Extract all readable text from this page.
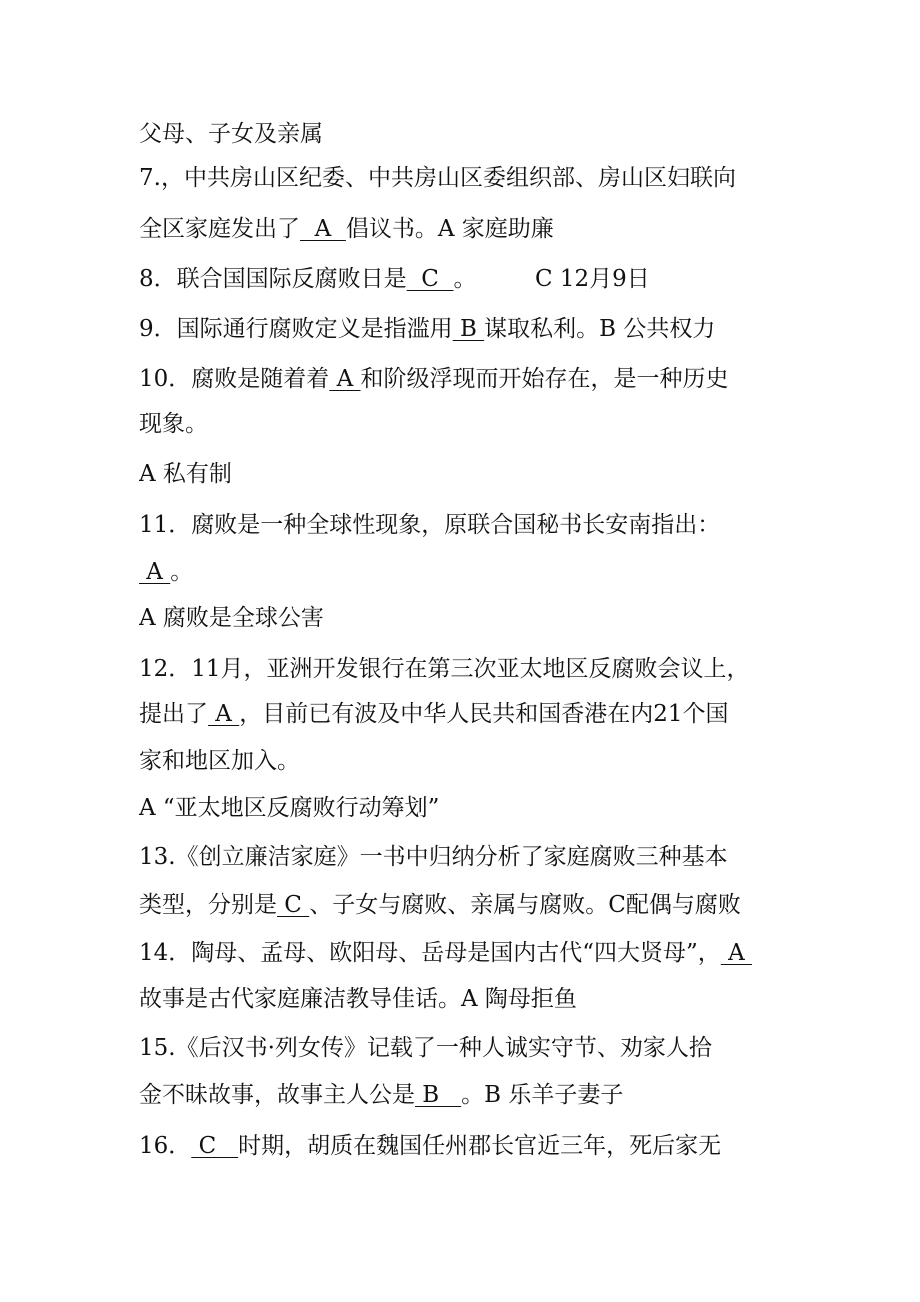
父母、子女及亲属
7.，中共房山区纪委、中共房山区委组织部、房山区妇联向
全区家庭发出了  A  倡议书。A 家庭助廉
8．联合国国际反腐败日是  C  。        C 12月9日
9．国际通行腐败定义是指滥用 B 谋取私利。B 公共权力
10．腐败是随着着 A 和阶级浮现而开始存在，是一种历史
现象。
A 私有制
11．腐败是一种全球性现象，原联合国秘书长安南指出：
A 。
A 腐败是全球公害
12．11月，亚洲开发银行在第三次亚太地区反腐败会议上，
提出了 A ，目前已有波及中华人民共和国香港在内21个国
家和地区加入。
A “亚太地区反腐败行动筹划”
13.《创立廉洁家庭》一书中归纳分析了家庭腐败三种基本
类型，分别是 C 、子女与腐败、亲属与腐败。C配偶与腐败
14．陶母、孟母、欧阳母、岳母是国内古代“四大贤母”， A
故事是古代家庭廉洁教导佳话。A 陶母拒鱼
15.《后汉书·列女传》记载了一种人诚实守节、劝家人拾
金不昧故事，故事主人公是 B   。B 乐羊子妻子
16． C   时期，胡质在魏国任州郡长官近三年，死后家无
